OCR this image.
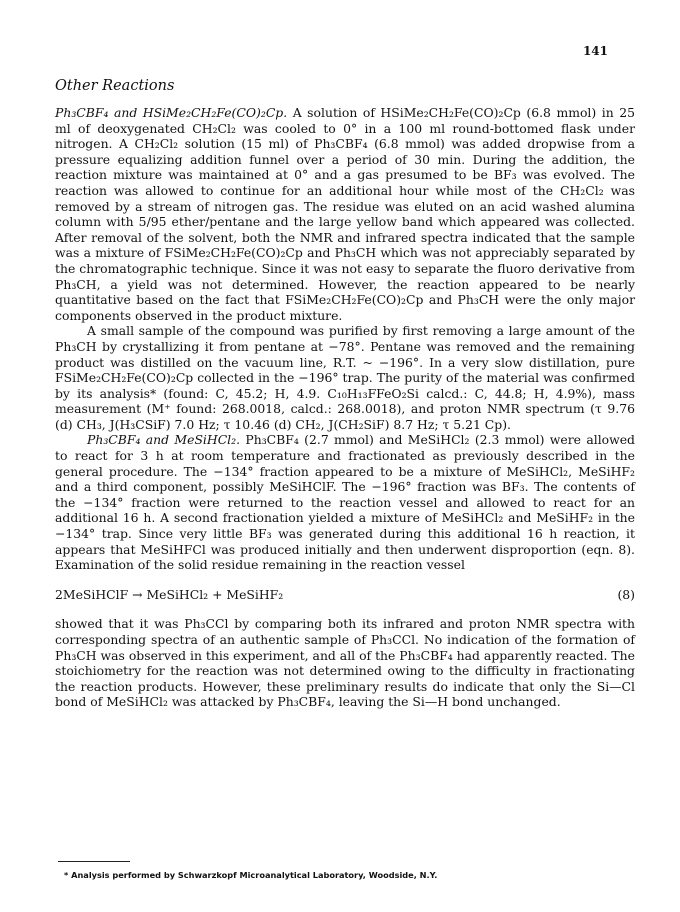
141
Other Reactions

Ph₃CBF₄ and HSiMe₂CH₂Fe(CO)₂Cp. A solution of HSiMe₂CH₂Fe(CO)₂Cp (6.8 mmol) in 25 ml of deoxygenated CH₂Cl₂ was cooled to 0° in a 100 ml round-bottomed flask under nitrogen. A CH₂Cl₂ solution (15 ml) of Ph₃CBF₄ (6.8 mmol) was added dropwise from a pressure equalizing addition funnel over a period of 30 min. During the addition, the reaction mixture was maintained at 0° and a gas presumed to be BF₃ was evolved. The reaction was allowed to continue for an additional hour while most of the CH₂Cl₂ was removed by a stream of nitrogen gas. The residue was eluted on an acid washed alumina column with 5/95 ether/pentane and the large yellow band which appeared was collected. After removal of the solvent, both the NMR and infrared spectra indicated that the sample was a mixture of FSiMe₂CH₂Fe(CO)₂Cp and Ph₃CH which was not appreciably separated by the chromatographic technique. Since it was not easy to separate the fluoro derivative from Ph₃CH, a yield was not determined. However, the reaction appeared to be nearly quantitative based on the fact that FSiMe₂CH₂Fe(CO)₂Cp and Ph₃CH were the only major components observed in the product mixture.

A small sample of the compound was purified by first removing a large amount of the Ph₃CH by crystallizing it from pentane at −78°. Pentane was removed and the remaining product was distilled on the vacuum line, R.T. ~ −196°. In a very slow distillation, pure FSiMe₂CH₂Fe(CO)₂Cp collected in the −196° trap. The purity of the material was confirmed by its analysis* (found: C, 45.2; H, 4.9. C₁₀H₁₃FFeO₂Si calcd.: C, 44.8; H, 4.9%), mass measurement (M⁺ found: 268.0018, calcd.: 268.0018), and proton NMR spectrum (τ 9.76 (d) CH₃, J(H₃CSiF) 7.0 Hz; τ 10.46 (d) CH₂, J(CH₂SiF) 8.7 Hz; τ 5.21 Cp).

Ph₃CBF₄ and MeSiHCl₂. Ph₃CBF₄ (2.7 mmol) and MeSiHCl₂ (2.3 mmol) were allowed to react for 3 h at room temperature and fractionated as previously described in the general procedure. The −134° fraction appeared to be a mixture of MeSiHCl₂, MeSiHF₂ and a third component, possibly MeSiHClF. The −196° fraction was BF₃. The contents of the −134° fraction were returned to the reaction vessel and allowed to react for an additional 16 h. A second fractionation yielded a mixture of MeSiHCl₂ and MeSiHF₂ in the −134° trap. Since very little BF₃ was generated during this additional 16 h reaction, it appears that MeSiHFCl was produced initially and then underwent disproportion (eqn. 8). Examination of the solid residue remaining in the reaction vessel

2MeSiHClF → MeSiHCl₂ + MeSiHF₂	(8)

showed that it was Ph₃CCl by comparing both its infrared and proton NMR spectra with corresponding spectra of an authentic sample of Ph₃CCl. No indication of the formation of Ph₃CH was observed in this experiment, and all of the Ph₃CBF₄ had apparently reacted. The stoichiometry for the reaction was not determined owing to the difficulty in fractionating the reaction products. However, these preliminary results do indicate that only the Si—Cl bond of MeSiHCl₂ was attacked by Ph₃CBF₄, leaving the Si—H bond unchanged.

* Analysis performed by Schwarzkopf Microanalytical Laboratory, Woodside, N.Y.
